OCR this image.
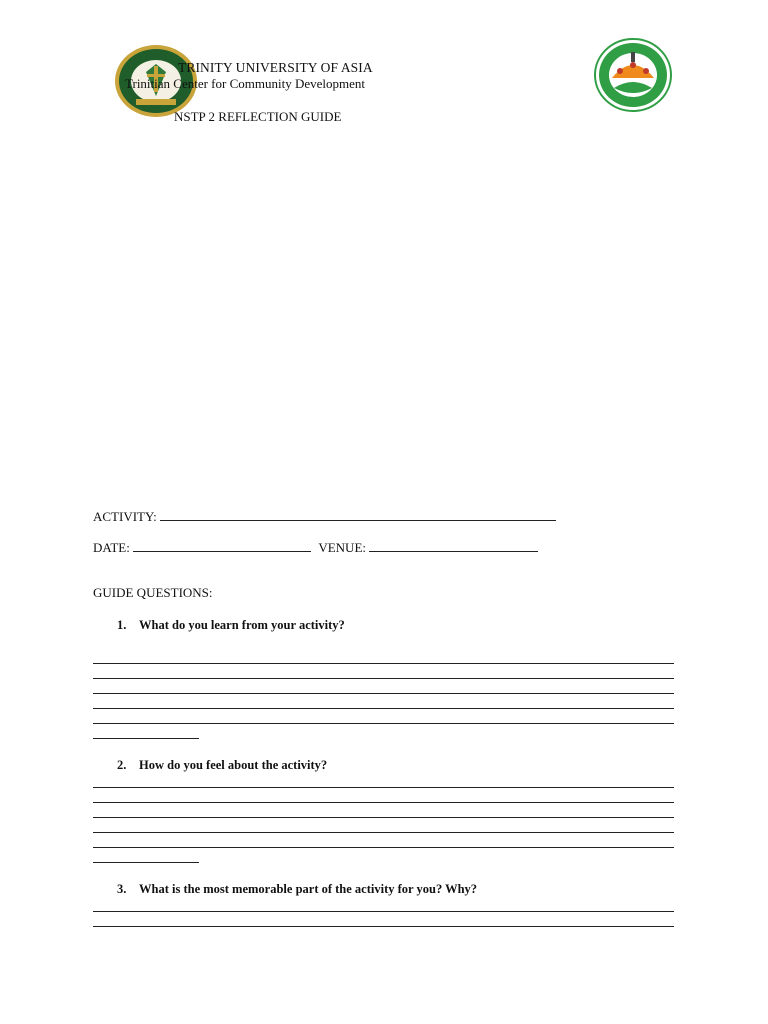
TRINITY UNIVERSITY OF ASIA
Trinitian Center for Community Development
NSTP 2 REFLECTION GUIDE
ACTIVITY:
DATE:	VENUE:
GUIDE QUESTIONS:
1. What do you learn from your activity?
2. How do you feel about the activity?
3. What is the most memorable part of the activity for you? Why?
